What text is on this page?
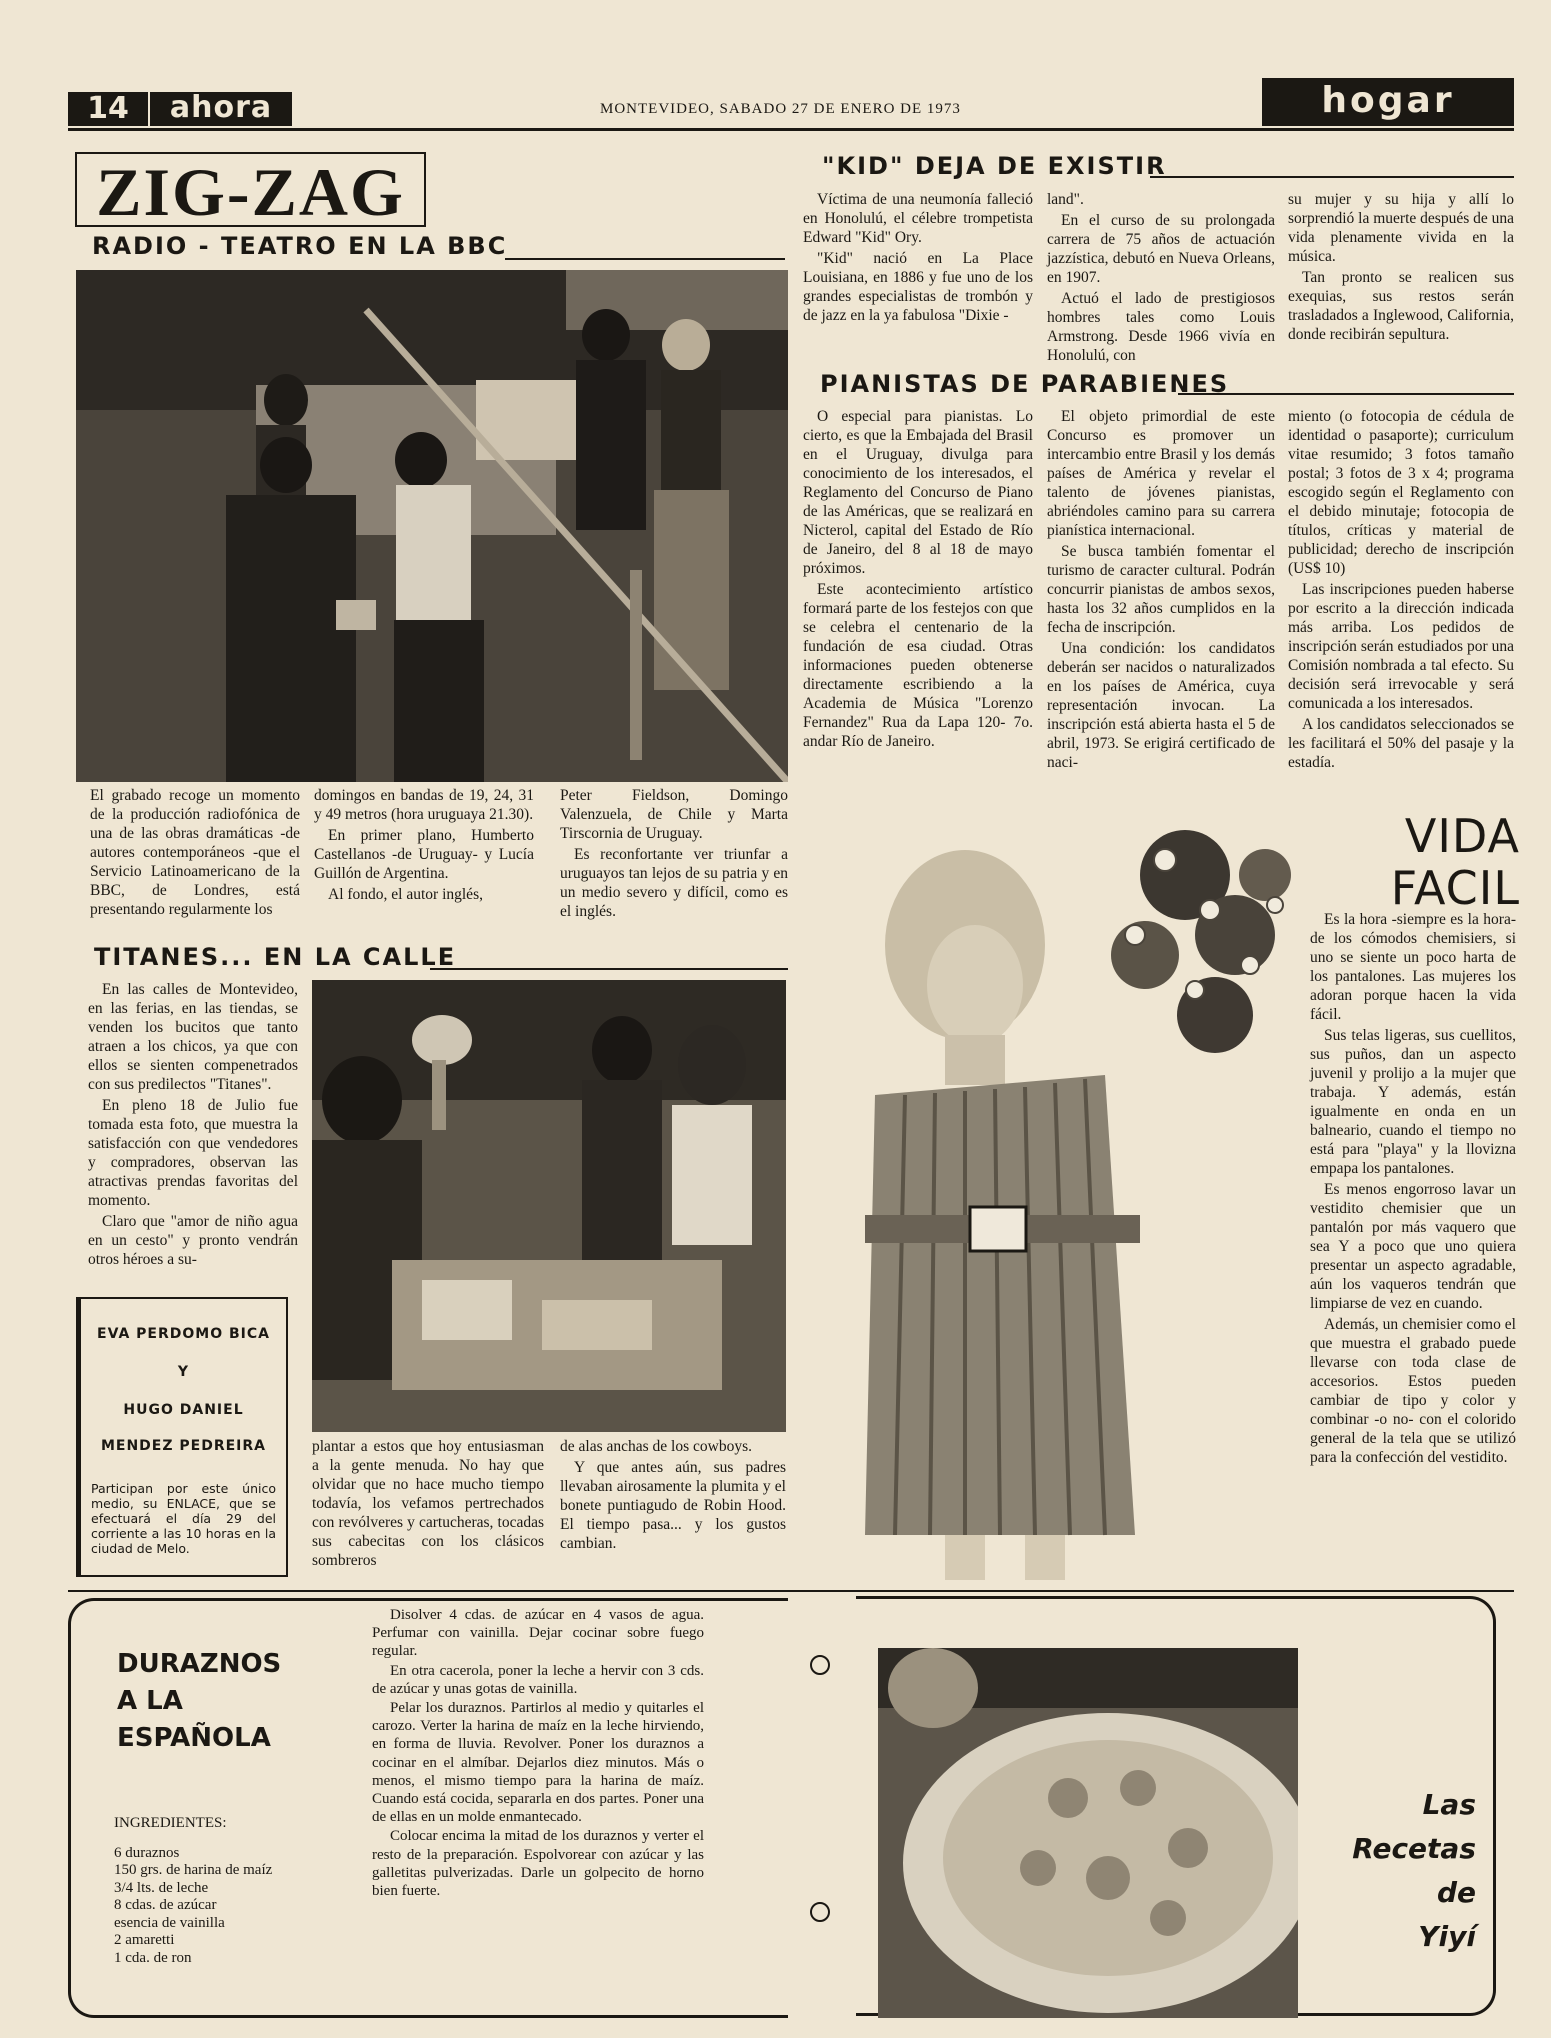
14	ahora	MONTEVIDEO, SABADO 27 DE ENERO DE 1973	hogar
ZIG-ZAG
RADIO - TEATRO EN LA BBC
El grabado recoge un momento de la producción radiofónica de una de las obras dramáticas -de autores contemporáneos -que el Servicio Latinoamericano de la BBC, de Londres, está presentando regularmente los

domingos en bandas de 19, 24, 31 y 49 metros (hora uruguaya 21.30).

En primer plano, Humberto Castellanos -de Uruguay- y Lucía Guillón de Argentina.

Al fondo, el autor inglés,

Peter Fieldson, Domingo Valenzuela, de Chile y Marta Tirscornia de Uruguay.

Es reconfortante ver triunfar a uruguayos tan lejos de su patria y en un medio severo y difícil, como es el inglés.

TITANES... EN LA CALLE

En las calles de Montevideo, en las ferias, en las tiendas, se venden los bucitos que tanto atraen a los chicos, ya que con ellos se sienten compenetrados con sus predilectos "Titanes".

En pleno 18 de Julio fue tomada esta foto, que muestra la satisfacción con que vendedores y compradores, observan las atractivas prendas favoritas del momento.

Claro que "amor de niño agua en un cesto" y pronto vendrán otros héroes a su-

EVA PERDOMO BICA
Y
HUGO DANIEL
MENDEZ PEDREIRA
Participan por este único medio, su ENLACE, que se efectuará el día 29 del corriente a las 10 horas en la ciudad de Melo.

plantar a estos que hoy entusiasman a la gente menuda. No hay que olvidar que no hace mucho tiempo todavía, los vefamos pertrechados con revólveres y cartucheras, tocadas sus cabecitas con los clásicos sombreros

de alas anchas de los cowboys.

Y que antes aún, sus padres llevaban airosamente la plumita y el bonete puntiagudo de Robin Hood. El tiempo pasa... y los gustos cambian.

"KID" DEJA DE EXISTIR

Víctima de una neumonía falleció en Honolulú, el célebre trompetista Edward "Kid" Ory.

"Kid" nació en La Place Louisiana, en 1886 y fue uno de los grandes especialistas de trombón y de jazz en la ya fabulosa "Dixie -

land".

En el curso de su prolongada carrera de 75 años de actuación jazzística, debutó en Nueva Orleans, en 1907.

Actuó el lado de prestigiosos hombres tales como Louis Armstrong. Desde 1966 vivía en Honolulú, con

su mujer y su hija y allí lo sorprendió la muerte después de una vida plenamente vivida en la música.

Tan pronto se realicen sus exequias, sus restos serán trasladados a Inglewood, California, donde recibirán sepultura.

PIANISTAS DE PARABIENES

O especial para pianistas. Lo cierto, es que la Embajada del Brasil en el Uruguay, divulga para conocimiento de los interesados, el Reglamento del Concurso de Piano de las Américas, que se realizará en Nicterol, capital del Estado de Río de Janeiro, del 8 al 18 de mayo próximos.

Este acontecimiento artístico formará parte de los festejos con que se celebra el centenario de la fundación de esa ciudad. Otras informaciones pueden obtenerse directamente escribiendo a la Academia de Música "Lorenzo Fernandez" Rua da Lapa 120- 7o. andar Río de Janeiro.

El objeto primordial de este Concurso es promover un intercambio entre Brasil y los demás países de América y revelar el talento de jóvenes pianistas, abriéndoles camino para su carrera pianística internacional.

Se busca también fomentar el turismo de caracter cultural. Podrán concurrir pianistas de ambos sexos, hasta los 32 años cumplidos en la fecha de inscripción.

Una condición: los candidatos deberán ser nacidos o naturalizados en los países de América, cuya representación invocan. La inscripción está abierta hasta el 5 de abril, 1973. Se erigirá certificado de naci-

miento (o fotocopia de cédula de identidad o pasaporte); curriculum vitae resumido; 3 fotos tamaño postal; 3 fotos de 3 x 4; programa escogido según el Reglamento con el debido minutaje; fotocopia de títulos, críticas y material de publicidad; derecho de inscripción (US$ 10)

Las inscripciones pueden haberse por escrito a la dirección indicada más arriba. Los pedidos de inscripción serán estudiados por una Comisión nombrada a tal efecto. Su decisión será irrevocable y será comunicada a los interesados.

A los candidatos seleccionados se les facilitará el 50% del pasaje y la estadía.

VIDA
FACIL

Es la hora -siempre es la hora- de los cómodos chemisiers, si uno se siente un poco harta de los pantalones. Las mujeres los adoran porque hacen la vida fácil.

Sus telas ligeras, sus cuellitos, sus puños, dan un aspecto juvenil y prolijo a la mujer que trabaja. Y además, están igualmente en onda en un balneario, cuando el tiempo no está para "playa" y la llovizna empapa los pantalones.

Es menos engorroso lavar un vestidito chemisier que un pantalón por más vaquero que sea Y a poco que uno quiera presentar un aspecto agradable, aún los vaqueros tendrán que limpiarse de vez en cuando.

Además, un chemisier como el que muestra el grabado puede llevarse con toda clase de accesorios. Estos pueden cambiar de tipo y color y combinar -o no- con el colorido general de la tela que se utilizó para la confección del vestidito.

DURAZNOS
A LA
ESPAÑOLA
INGREDIENTES:
6 duraznos
150 grs. de harina de maíz
3/4 lts. de leche
8 cdas. de azúcar
esencia de vainilla
2 amaretti
1 cda. de ron

Disolver 4 cdas. de azúcar en 4 vasos de agua. Perfumar con vainilla. Dejar cocinar sobre fuego regular.

En otra cacerola, poner la leche a hervir con 3 cds. de azúcar y unas gotas de vainilla.

Pelar los duraznos. Partirlos al medio y quitarles el carozo. Verter la harina de maíz en la leche hirviendo, en forma de lluvia. Revolver. Poner los duraznos a cocinar en el almíbar. Dejarlos diez minutos. Más o menos, el mismo tiempo para la harina de maíz. Cuando está cocida, separarla en dos partes. Poner una de ellas en un molde enmantecado.

Colocar encima la mitad de los duraznos y verter el resto de la preparación. Espolvorear con azúcar y las galletitas pulverizadas. Darle un golpecito de horno bien fuerte.

Las
Recetas
de
Yiyí
